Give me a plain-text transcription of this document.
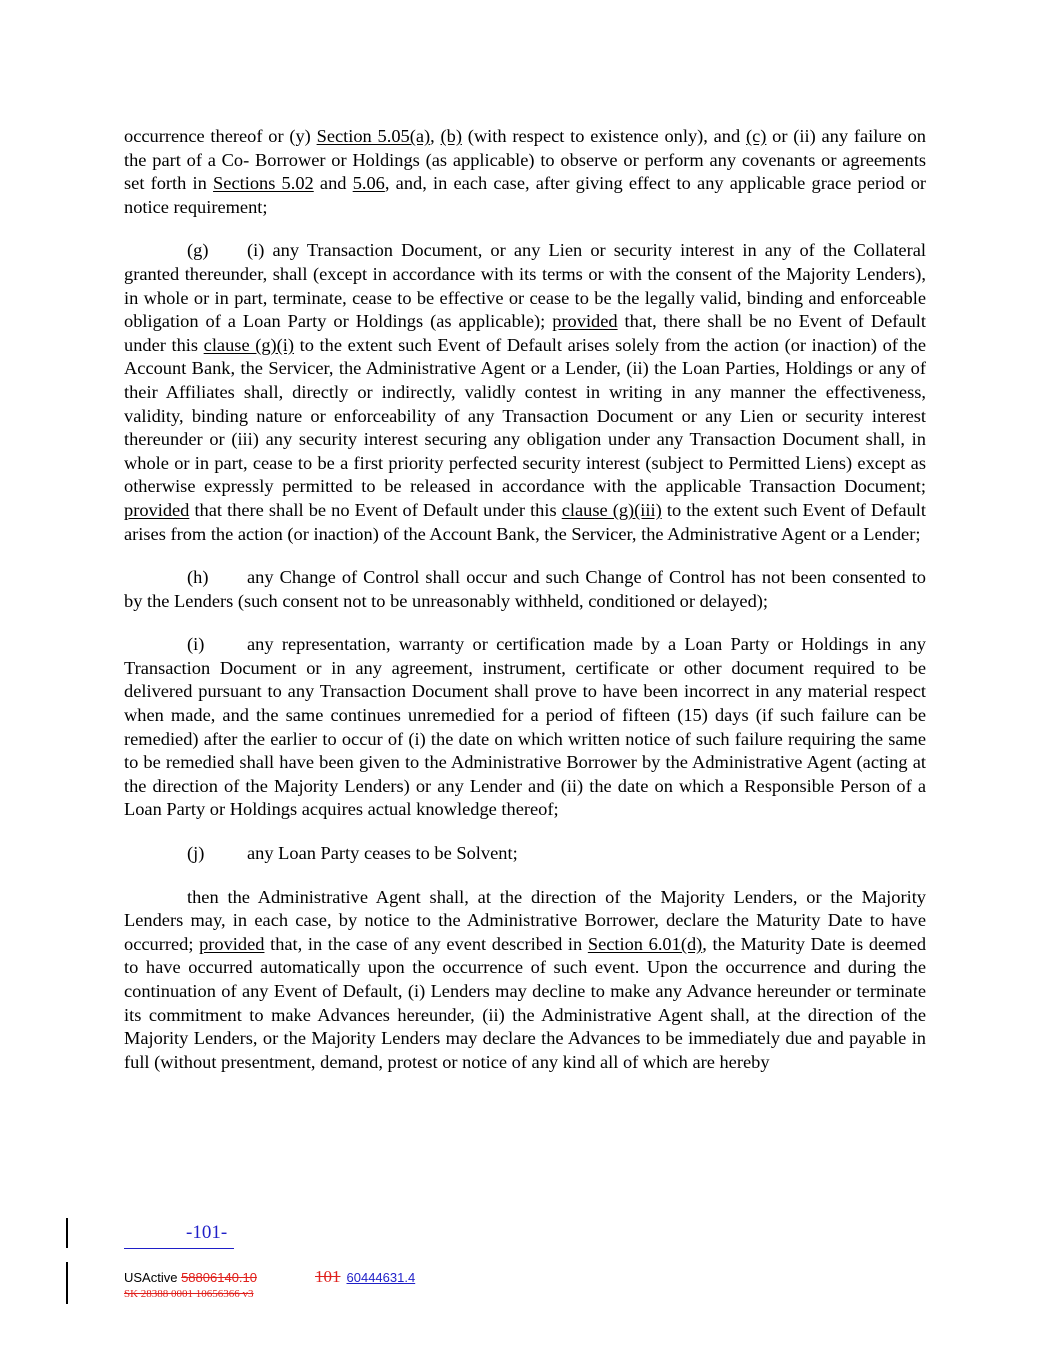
occurrence thereof or (y) Section 5.05(a), (b) (with respect to existence only), and (c) or (ii) any failure on the part of a Co- Borrower or Holdings (as applicable) to observe or perform any covenants or agreements set forth in Sections 5.02 and 5.06, and, in each case, after giving effect to any applicable grace period or notice requirement;

(g) (i) any Transaction Document, or any Lien or security interest in any of the Collateral granted thereunder, shall (except in accordance with its terms or with the consent of the Majority Lenders), in whole or in part, terminate, cease to be effective or cease to be the legally valid, binding and enforceable obligation of a Loan Party or Holdings (as applicable); provided that, there shall be no Event of Default under this clause (g)(i) to the extent such Event of Default arises solely from the action (or inaction) of the Account Bank, the Servicer, the Administrative Agent or a Lender, (ii) the Loan Parties, Holdings or any of their Affiliates shall, directly or indirectly, validly contest in writing in any manner the effectiveness, validity, binding nature or enforceability of any Transaction Document or any Lien or security interest thereunder or (iii) any security interest securing any obligation under any Transaction Document shall, in whole or in part, cease to be a first priority perfected security interest (subject to Permitted Liens) except as otherwise expressly permitted to be released in accordance with the applicable Transaction Document; provided that there shall be no Event of Default under this clause (g)(iii) to the extent such Event of Default arises from the action (or inaction) of the Account Bank, the Servicer, the Administrative Agent or a Lender;

(h) any Change of Control shall occur and such Change of Control has not been consented to by the Lenders (such consent not to be unreasonably withheld, conditioned or delayed);

(i) any representation, warranty or certification made by a Loan Party or Holdings in any Transaction Document or in any agreement, instrument, certificate or other document required to be delivered pursuant to any Transaction Document shall prove to have been incorrect in any material respect when made, and the same continues unremedied for a period of fifteen (15) days (if such failure can be remedied) after the earlier to occur of (i) the date on which written notice of such failure requiring the same to be remedied shall have been given to the Administrative Borrower by the Administrative Agent (acting at the direction of the Majority Lenders) or any Lender and (ii) the date on which a Responsible Person of a Loan Party or Holdings acquires actual knowledge thereof;

(j) any Loan Party ceases to be Solvent;

then the Administrative Agent shall, at the direction of the Majority Lenders, or the Majority Lenders may, in each case, by notice to the Administrative Borrower, declare the Maturity Date to have occurred; provided that, in the case of any event described in Section 6.01(d), the Maturity Date is deemed to have occurred automatically upon the occurrence of such event. Upon the occurrence and during the continuation of any Event of Default, (i) Lenders may decline to make any Advance hereunder or terminate its commitment to make Advances hereunder, (ii) the Administrative Agent shall, at the direction of the Majority Lenders, or the Majority Lenders may declare the Advances to be immediately due and payable in full (without presentment, demand, protest or notice of any kind all of which are hereby

-101-
USActive 58806140.10	101 60444631.4
SK 28388 0001 10656366 v3
